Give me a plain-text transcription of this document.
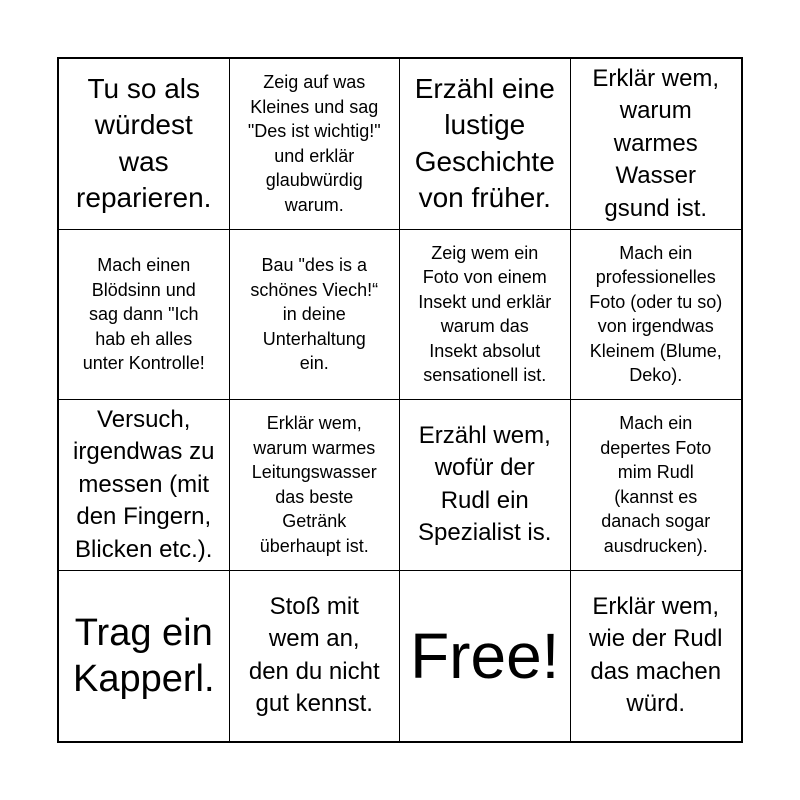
Tu so als
würdest
was
reparieren.
Zeig auf was
Kleines und sag
"Des ist wichtig!"
und erklär
glaubwürdig
warum.
Erzähl eine
lustige
Geschichte
von früher.
Erklär wem,
warum
warmes
Wasser
gsund ist.
Mach einen
Blödsinn und
sag dann "Ich
hab eh alles
unter Kontrolle!
Bau "des is a
schönes Viech!“
in deine
Unterhaltung
ein.
Zeig wem ein
Foto von einem
Insekt und erklär
warum das
Insekt absolut
sensationell ist.
Mach ein
professionelles
Foto (oder tu so)
von irgendwas
Kleinem (Blume,
Deko).
Versuch,
irgendwas zu
messen (mit
den Fingern,
Blicken etc.).
Erklär wem,
warum warmes
Leitungswasser
das beste
Getränk
überhaupt ist.
Erzähl wem,
wofür der
Rudl ein
Spezialist is.
Mach ein
depertes Foto
mim Rudl
(kannst es
danach sogar
ausdrucken).
Trag ein
Kapperl.
Stoß mit
wem an,
den du nicht
gut kennst.
Free!
Erklär wem,
wie der Rudl
das machen
würd.
